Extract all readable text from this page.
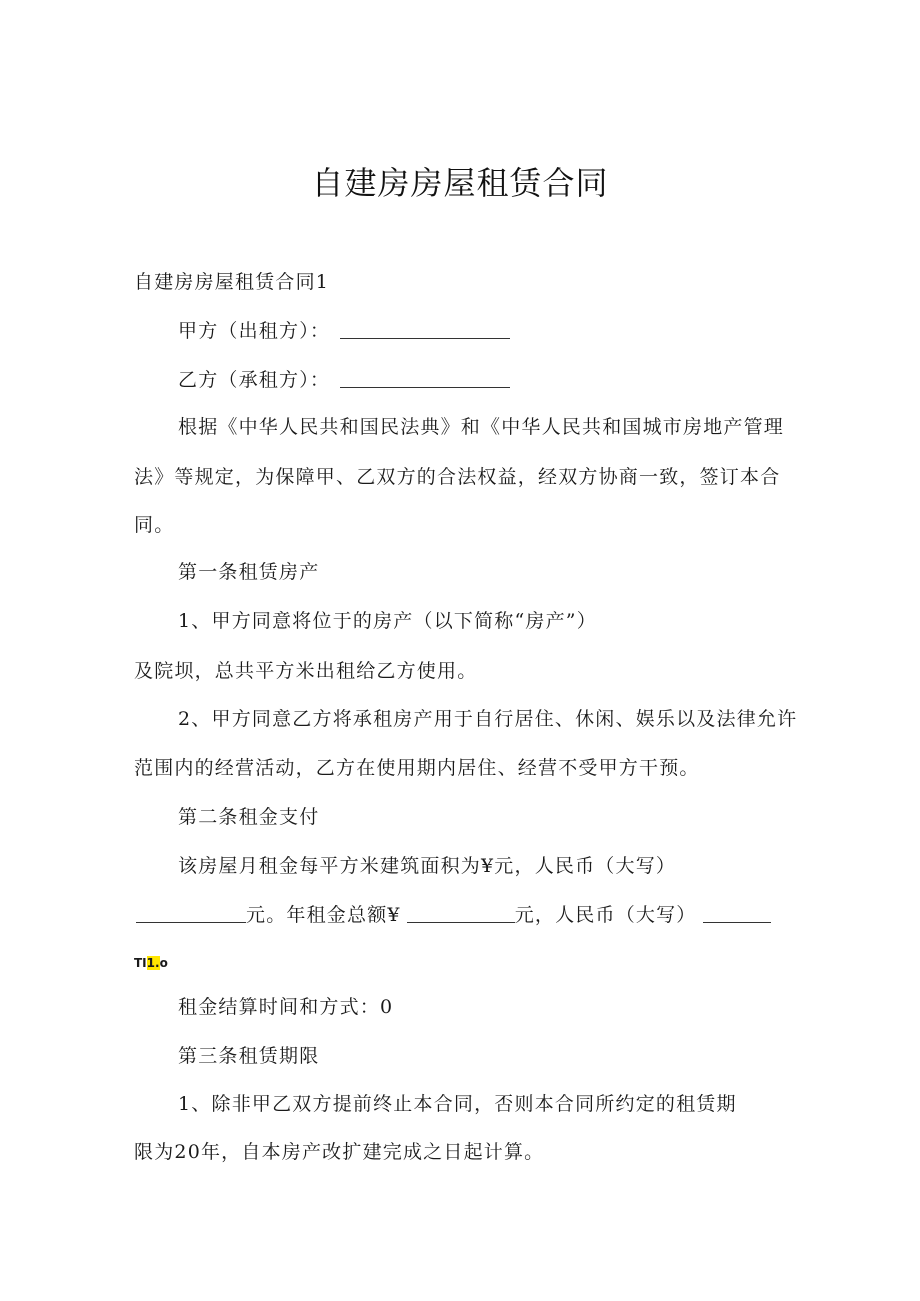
自建房房屋租赁合同
自建房房屋租赁合同1
甲方（出租方）：
乙方（承租方）：
根据《中华人民共和国民法典》和《中华人民共和国城市房地产管理
法》等规定，为保障甲、乙双方的合法权益，经双方协商一致，签订本合
同。
第一条租赁房产
1、甲方同意将位于的房产（以下简称“房产”）
及院坝，总共平方米出租给乙方使用。
2、甲方同意乙方将承租房产用于自行居住、休闲、娱乐以及法律允许
范围内的经营活动，乙方在使用期内居住、经营不受甲方干预。
第二条租金支付
该房屋月租金每平方米建筑面积为¥元，人民币（大写）
元。年租金总额¥	元，人民币（大写）
TI1.o
租金结算时间和方式：0
第三条租赁期限
1、除非甲乙双方提前终止本合同，否则本合同所约定的租赁期
限为20年，自本房产改扩建完成之日起计算。
